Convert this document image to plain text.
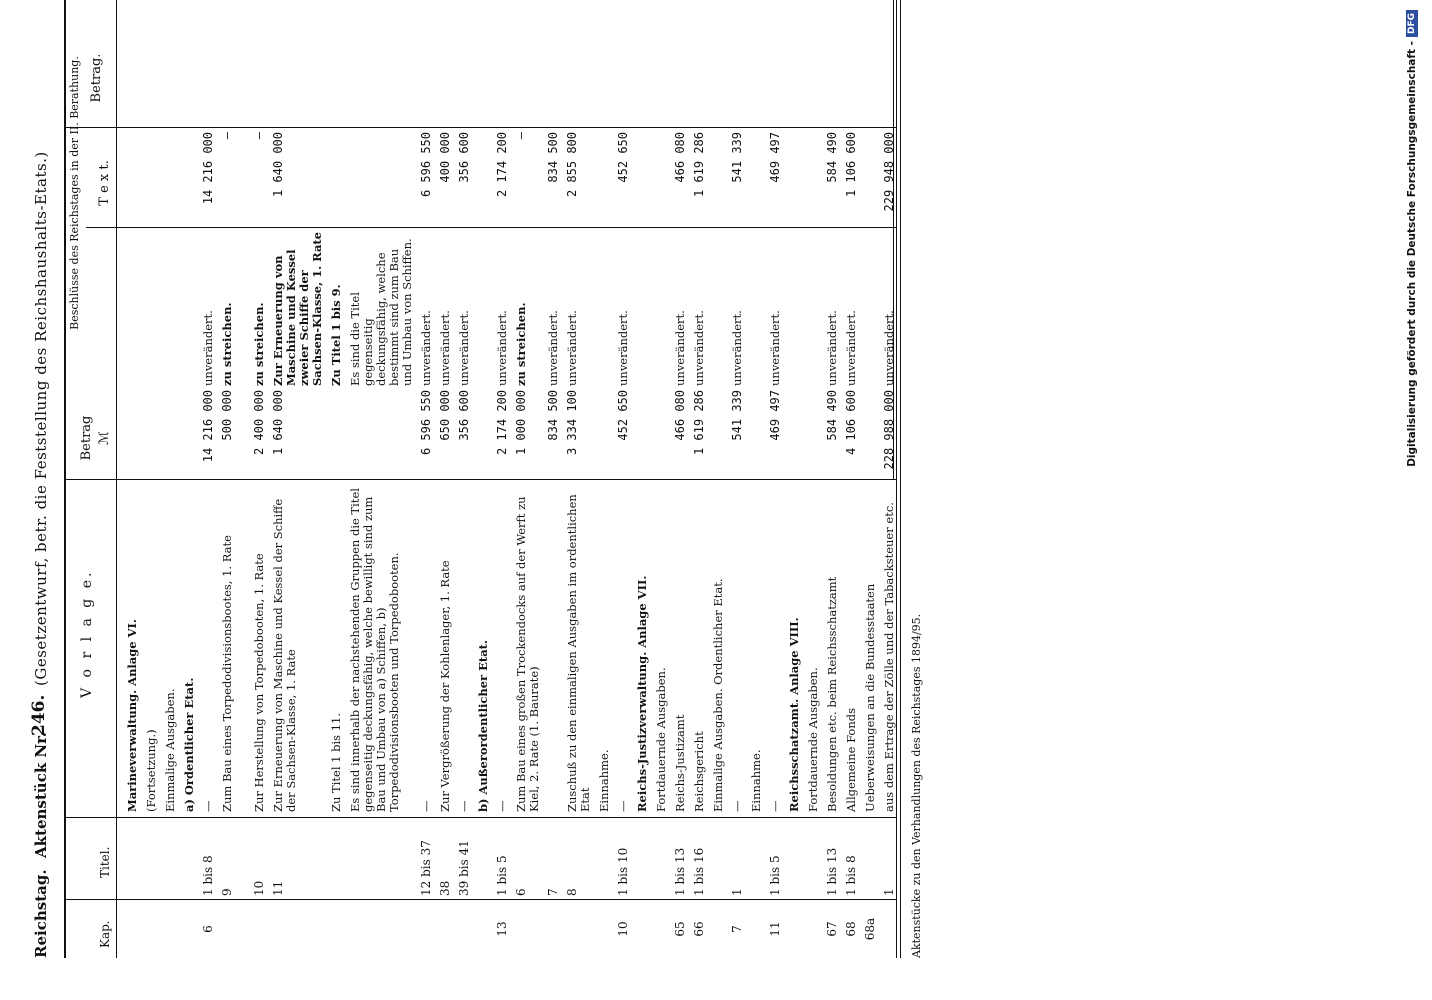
Reichstag.
Aktenstück Nr.
246.
(Gesetzentwurf, betr. die Feststellung des Reichshaushalts-Etats.)
Kap.
Titel.
V o r l a g e.
Betrag ℳ
Beschlüsse des Reichstages in der II. Berathung. T e x t.
Betrag.
Marineverwaltung. Anlage VI. (Fortsetzung.) Einmalige Ausgaben. a) Ordentlicher Etat.
6
1 bis 8
—
14 216 000
unverändert.
14 216 000
9
Zum Bau eines Torpedodivisionsbootes, 1. Rate
500 000
zu streichen.
—
10
Zur Herstellung von Torpedobooten, 1. Rate
2 400 000
zu streichen.
—
11
Zur Erneuerung von Maschine und Kessel der Schiffe der Sachsen-Klasse, 1. Rate
1 640 000
Zur Erneuerung von Maschine und Kessel zweier Schiffe der Sachsen-Klasse, 1. Rate
1 640 000
Zu Titel 1 bis 11.
Zu Titel 1 bis 9.
Es sind innerhalb der nachstehenden Gruppen die Titel gegenseitig deckungsfähig, welche bewilligt sind zum Bau und Umbau von a) Schiffen, b) Torpedodivisionsbooten und Torpedobooten.
Es sind die Titel gegenseitig deckungsfähig, welche bestimmt sind zum Bau und Umbau von Schiffen.
12 bis 37
—
6 596 550
unverändert.
6 596 550
38
Zur Vergrößerung der Kohlenlager, 1. Rate
650 000
unverändert.
400 000
39 bis 41
—
356 600
unverändert.
356 600
b) Außerordentlicher Etat.
13
1 bis 5
—
2 174 200
unverändert.
2 174 200
6
Zum Bau eines großen Trockendocks auf der Werft zu Kiel, 2. Rate (1. Baurate)
1 000 000
zu streichen.
—
7
834 500
unverändert.
834 500
8
Zuschuß zu den einmaligen Ausgaben im ordentlichen Etat
3 334 100
unverändert.
2 855 800
Einnahme.
10
1 bis 10
—
452 650
unverändert.
452 650
Reichs-Justizverwaltung. Anlage VII. Fortdauernde Ausgaben.
65
1 bis 13
Reichs-Justizamt
466 080
unverändert.
466 080
66
1 bis 16
Reichsgericht
1 619 286
unverändert.
1 619 286
Einmalige Ausgaben. Ordentlicher Etat.
7
1
—
541 339
unverändert.
541 339
Einnahme.
11
1 bis 5
—
469 497
unverändert.
469 497
Reichsschatzamt. Anlage VIII. Fortdauernde Ausgaben.
67
1 bis 13
Besoldungen etc. beim Reichsschatzamt
584 490
unverändert.
584 490
68
1 bis 8
Allgemeine Fonds
4 106 600
unverändert.
1 106 600
68a
Ueberweisungen an die Bundesstaaten
1
aus dem Ertrage der Zölle und der Tabacksteuer etc.
228 988 000
unverändert.
229 948 000
Aktenstücke zu den Verhandlungen des Reichstages 1894/95.
Digitalisierung gefördert durch die Deutsche Forschungsgemeinschaft -
DFG
